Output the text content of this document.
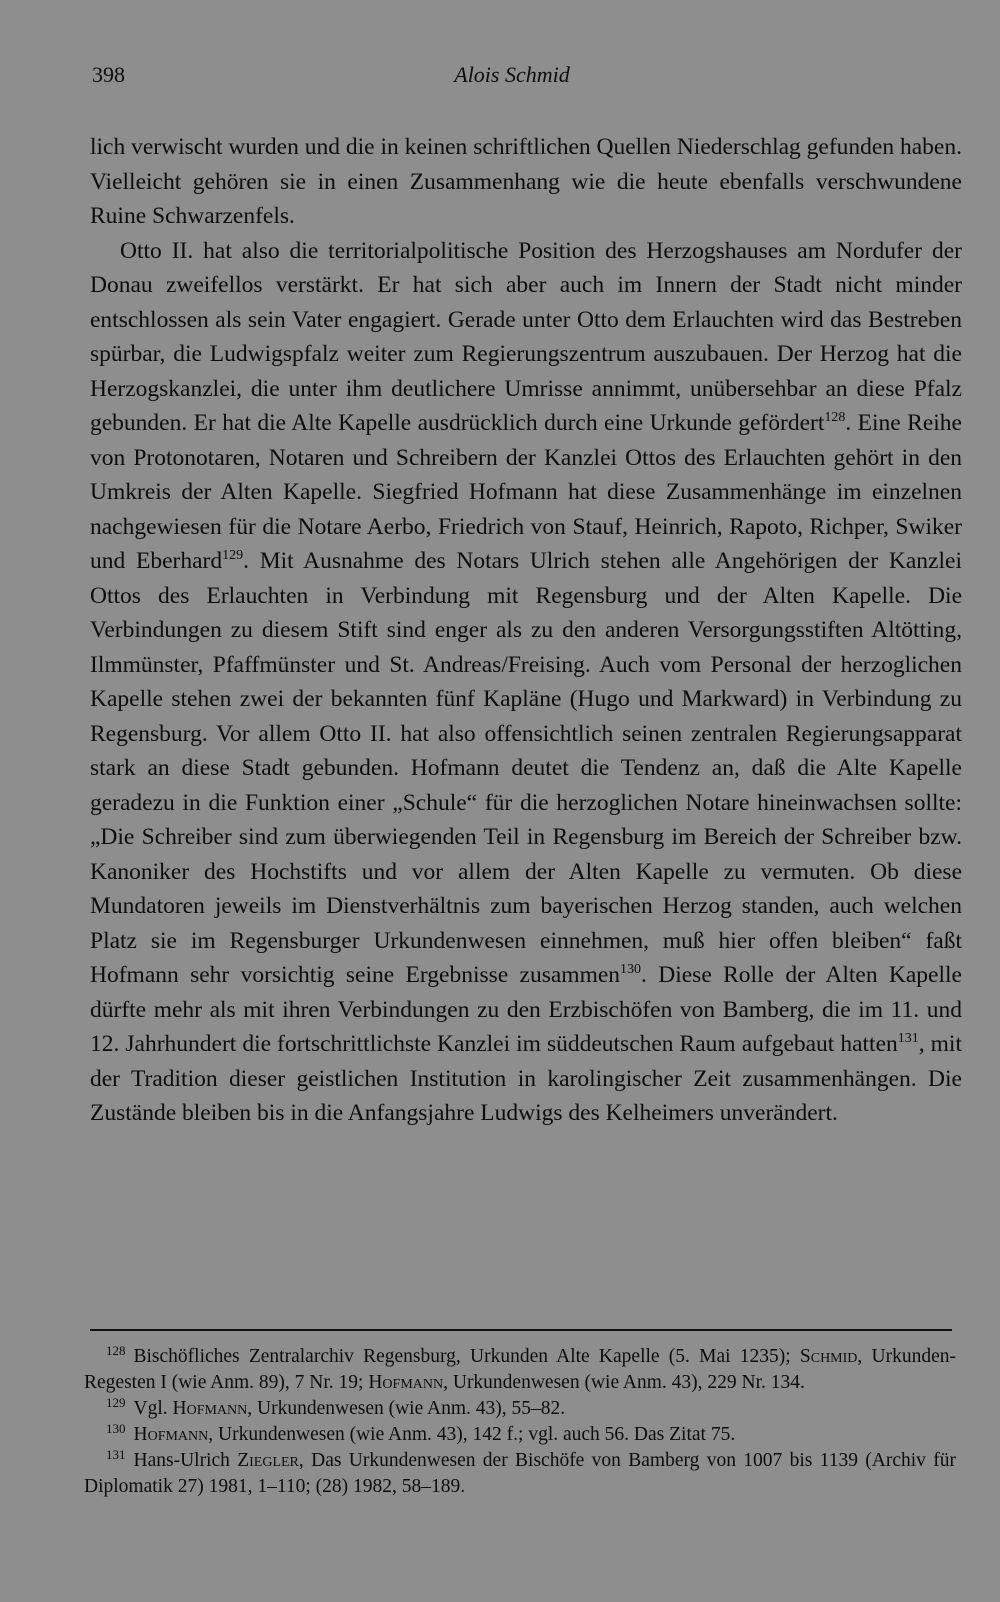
398	Alois Schmid

lich verwischt wurden und die in keinen schriftlichen Quellen Niederschlag gefunden haben. Vielleicht gehören sie in einen Zusammenhang wie die heute ebenfalls verschwundene Ruine Schwarzenfels.

Otto II. hat also die territorialpolitische Position des Herzogshauses am Nordufer der Donau zweifellos verstärkt. Er hat sich aber auch im Innern der Stadt nicht minder entschlossen als sein Vater engagiert. Gerade unter Otto dem Erlauchten wird das Bestreben spürbar, die Ludwigspfalz weiter zum Regierungszentrum auszubauen. Der Herzog hat die Herzogskanzlei, die unter ihm deutlichere Umrisse annimmt, unübersehbar an diese Pfalz gebunden. Er hat die Alte Kapelle ausdrücklich durch eine Urkunde gefördert$^{128}$. Eine Reihe von Protonotaren, Notaren und Schreibern der Kanzlei Ottos des Erlauchten gehört in den Umkreis der Alten Kapelle. Siegfried Hofmann hat diese Zusammenhänge im einzelnen nachgewiesen für die Notare Aerbo, Friedrich von Stauf, Heinrich, Rapoto, Richper, Swiker und Eberhard$^{129}$. Mit Ausnahme des Notars Ulrich stehen alle Angehörigen der Kanzlei Ottos des Erlauchten in Verbindung mit Regensburg und der Alten Kapelle. Die Verbindungen zu diesem Stift sind enger als zu den anderen Versorgungsstiften Altötting, Ilmmünster, Pfaffmünster und St. Andreas/Freising. Auch vom Personal der herzoglichen Kapelle stehen zwei der bekannten fünf Kapläne (Hugo und Markward) in Verbindung zu Regensburg. Vor allem Otto II. hat also offensichtlich seinen zentralen Regierungsapparat stark an diese Stadt gebunden. Hofmann deutet die Tendenz an, daß die Alte Kapelle geradezu in die Funktion einer „Schule“ für die herzoglichen Notare hineinwachsen sollte: „Die Schreiber sind zum überwiegenden Teil in Regensburg im Bereich der Schreiber bzw. Kanoniker des Hochstifts und vor allem der Alten Kapelle zu vermuten. Ob diese Mundatoren jeweils im Dienstverhältnis zum bayerischen Herzog standen, auch welchen Platz sie im Regensburger Urkundenwesen einnehmen, muß hier offen bleiben“ faßt Hofmann sehr vorsichtig seine Ergebnisse zusammen$^{130}$. Diese Rolle der Alten Kapelle dürfte mehr als mit ihren Verbindungen zu den Erzbischöfen von Bamberg, die im 11. und 12. Jahrhundert die fortschrittlichste Kanzlei im süddeutschen Raum aufgebaut hatten$^{131}$, mit der Tradition dieser geistlichen Institution in karolingischer Zeit zusammenhängen. Die Zustände bleiben bis in die Anfangsjahre Ludwigs des Kelheimers unverändert.

$^{128}$ Bischöfliches Zentralarchiv Regensburg, Urkunden Alte Kapelle (5. Mai 1235); Schmid, Urkunden-Regesten I (wie Anm. 89), 7 Nr. 19; Hofmann, Urkundenwesen (wie Anm. 43), 229 Nr. 134.

$^{129}$ Vgl. Hofmann, Urkundenwesen (wie Anm. 43), 55–82.

$^{130}$ Hofmann, Urkundenwesen (wie Anm. 43), 142 f.; vgl. auch 56. Das Zitat 75.

$^{131}$ Hans-Ulrich Ziegler, Das Urkundenwesen der Bischöfe von Bamberg von 1007 bis 1139 (Archiv für Diplomatik 27) 1981, 1–110; (28) 1982, 58–189.
